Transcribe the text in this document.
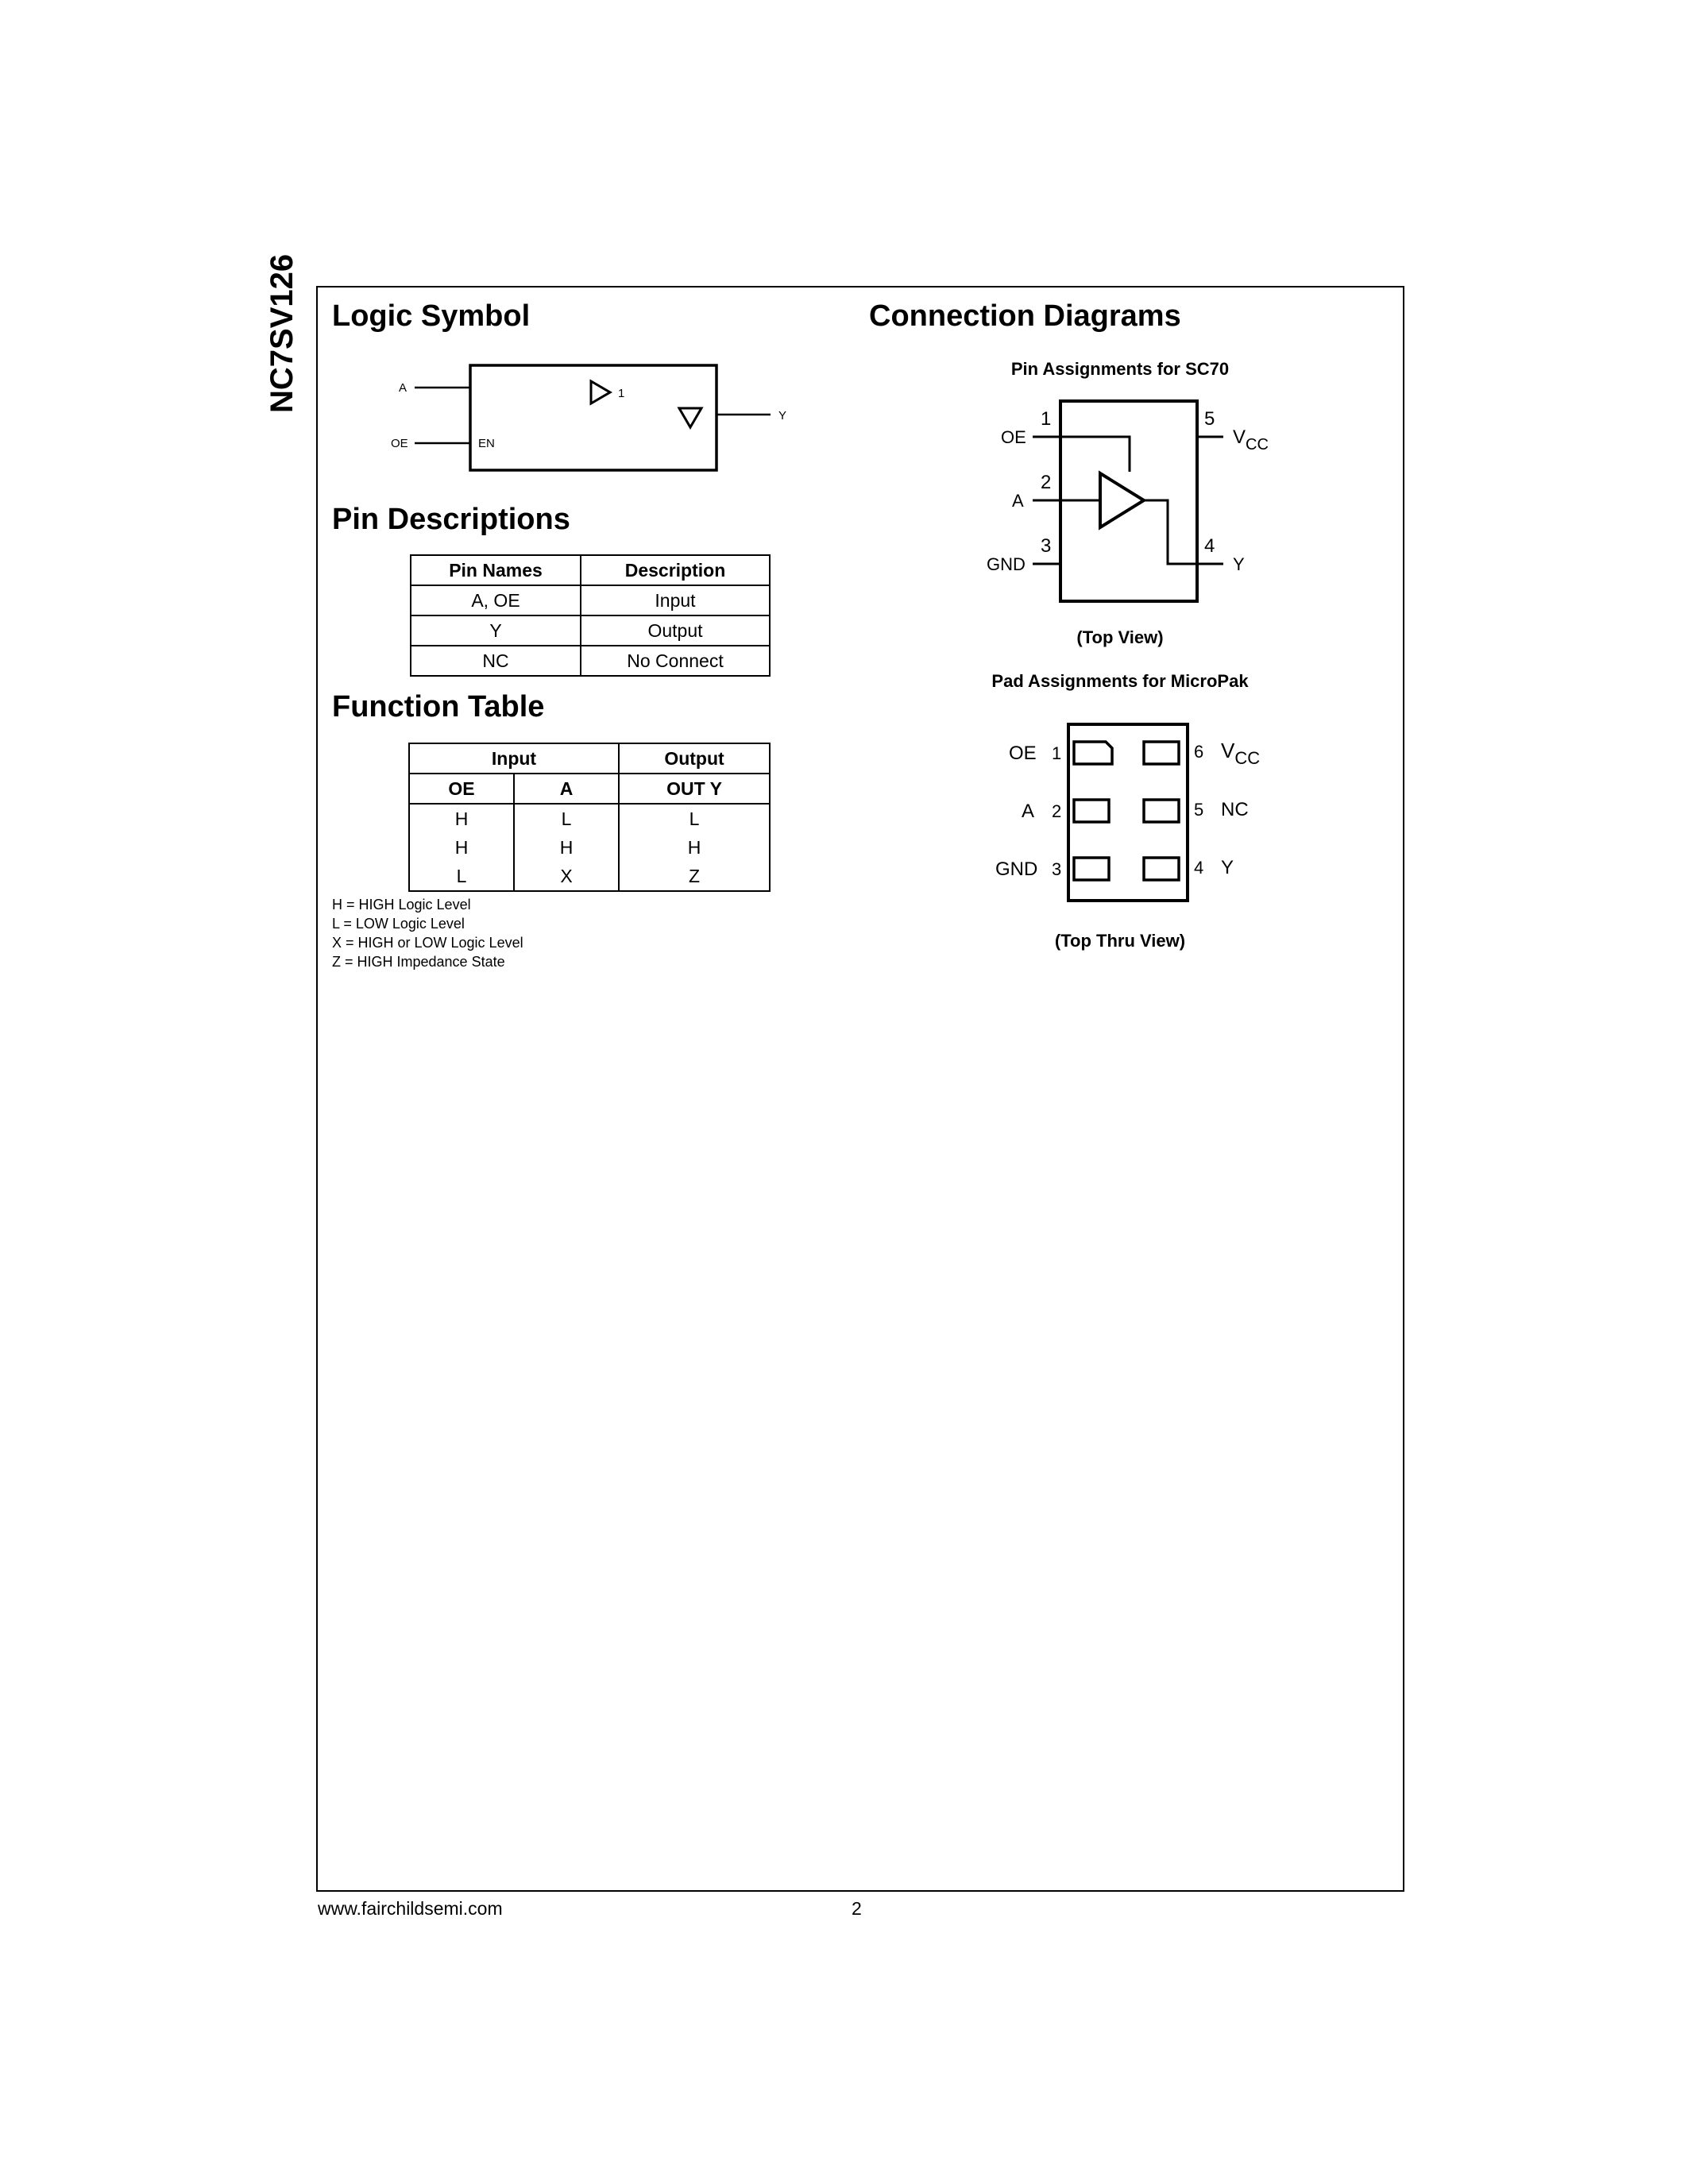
NC7SV126 Logic Symbol
A
OE	EN
1
Y
Pin Descriptions
Pin Names	Description
A, OE	Input
Y	Output
NC	No Connect
Function Table
Input		Output
OE	A	OUT Y
H	L	L
H	H	H
L	X	Z
H = HIGH Logic Level
L = LOW Logic Level
X = HIGH or LOW Logic Level
Z = HIGH Impedance State
Connection Diagrams
Pin Assignments for SC70
1
2
3	4
5
OE
A
GND	Y
$V_{CC}$
(Top View)
Pad Assignments for MicroPak
OE 1
A 2
GND 3	4 Y
5 NC
6 $V_{CC}$
(Top Thru View)
www.fairchildsemi.com	2
